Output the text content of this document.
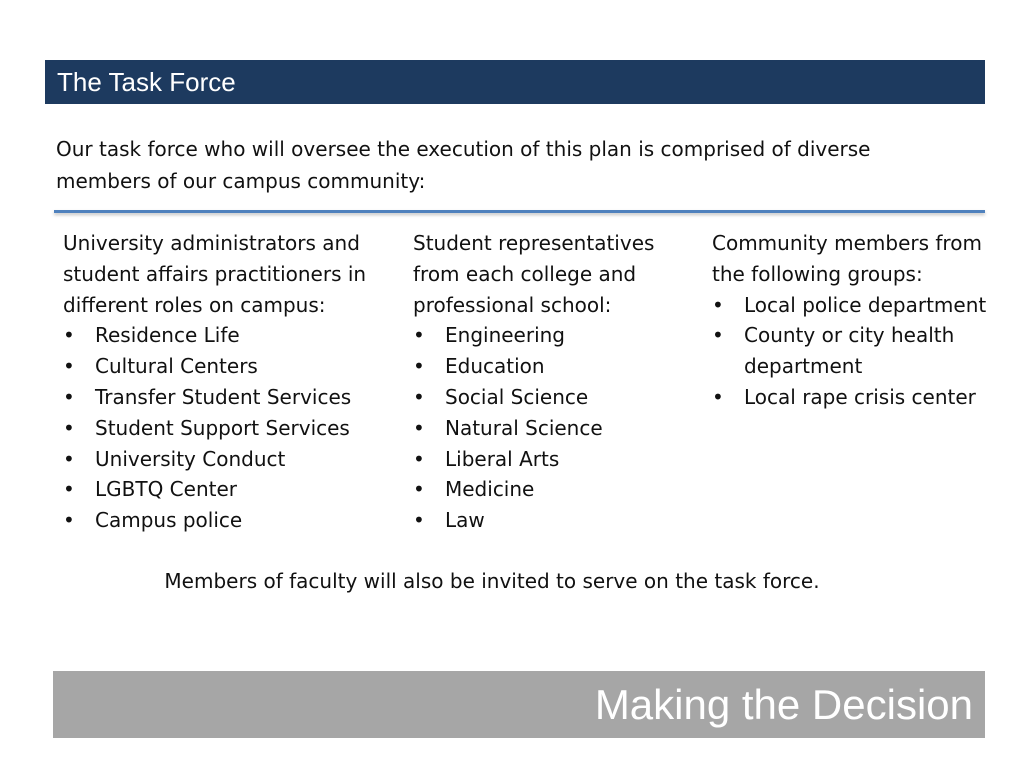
The Task Force

Our task force who will oversee the execution of this plan is comprised of diverse members of our campus community:

University administrators and student affairs practitioners in different roles on campus:

• Residence Life
• Cultural Centers
• Transfer Student Services
• Student Support Services
• University Conduct
• LGBTQ Center
• Campus police

Student representatives from each college and professional school:

• Engineering
• Education
• Social Science
• Natural Science
• Liberal Arts
• Medicine
• Law

Community members from the following groups:

• Local police department
• County or city health department
• Local rape crisis center

Members of faculty will also be invited to serve on the task force.

Making the Decision
